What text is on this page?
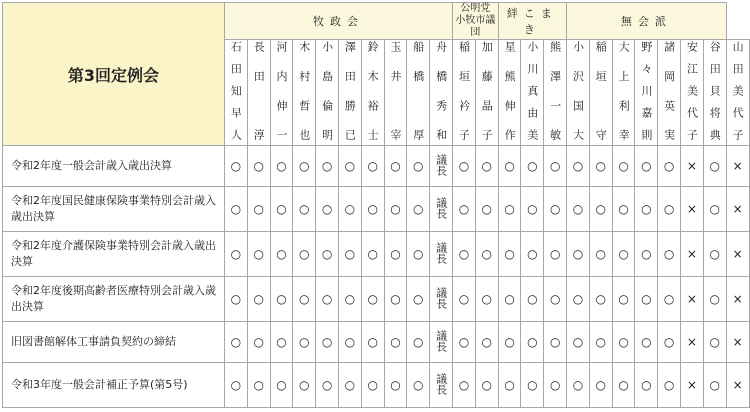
第3回定例会	牧政会										公明党
小牧市議団		絆こまき			無会派							
	石田知早人	長田　淳	河内伸一	木村哲也	小島倫明	澤田勝已	鈴木裕士	玉井　宰	船橋　厚	舟橋秀和	稲垣衿子	加藤晶子	星熊伸作	小川真由美	熊澤一敏	小沢国大	稲垣　守	大上利幸	野々川嘉則	諸岡英実	安江美代子	谷田貝将典	山田美代子
令和2年度一般会計歳入歳出決算	○	○	○	○	○	○	○	○	○	議長	○	○	○	○	○	○	○	○	○	○	×	○	×
令和2年度国民健康保険事業特別会計歳入歳出決算	○	○	○	○	○	○	○	○	○	議長	○	○	○	○	○	○	○	○	○	○	×	○	×
令和2年度介護保険事業特別会計歳入歳出決算	○	○	○	○	○	○	○	○	○	議長	○	○	○	○	○	○	○	○	○	○	×	○	×
令和2年度後期高齢者医療特別会計歳入歳出決算	○	○	○	○	○	○	○	○	○	議長	○	○	○	○	○	○	○	○	○	○	×	○	×
旧図書館解体工事請負契約の締結	○	○	○	○	○	○	○	○	○	議長	○	○	○	○	○	○	○	○	○	○	×	○	×
令和3年度一般会計補正予算(第5号)	○	○	○	○	○	○	○	○	○	議長	○	○	○	○	○	○	○	○	○	○	×	○	×
